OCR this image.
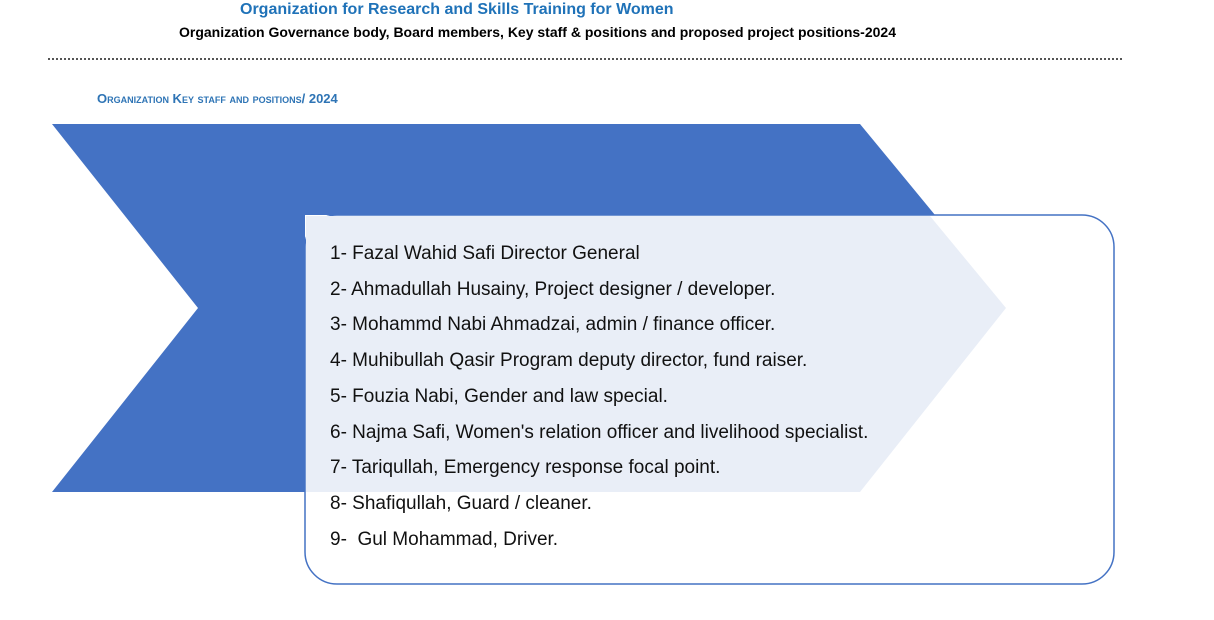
Organization for Research and Skills Training for Women
Organization Governance body, Board members, Key staff & positions and proposed project positions-2024
Organization Key staff and positions/ 2024
1- Fazal Wahid Safi Director General
2- Ahmadullah Husainy, Project designer / developer.
3- Mohammd Nabi Ahmadzai, admin / finance officer.
4- Muhibullah Qasir Program deputy director, fund raiser.
5- Fouzia Nabi, Gender and law special.
6- Najma Safi, Women's relation officer and livelihood specialist.
7- Tariqullah, Emergency response focal point.
8- Shafiqullah, Guard / cleaner.
9-  Gul Mohammad, Driver.
